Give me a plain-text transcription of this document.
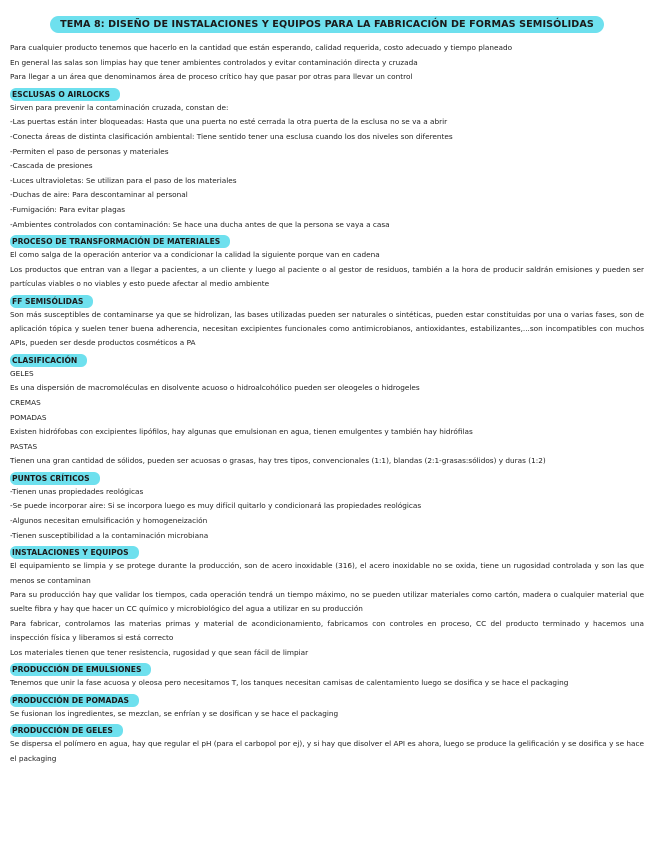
TEMA 8: DISEÑO DE INSTALACIONES Y EQUIPOS PARA LA FABRICACIÓN DE FORMAS SEMISÓLIDAS

Para cualquier producto tenemos que hacerlo en la cantidad que están esperando, calidad requerida, costo adecuado y tiempo planeado

En general las salas son limpias hay que tener ambientes controlados y evitar contaminación directa y cruzada

Para llegar a un área que denominamos área de proceso crítico hay que pasar por otras para llevar un control

ESCLUSAS O AIRLOCKS

Sirven para prevenir la contaminación cruzada, constan de:

-Las puertas están inter bloqueadas: Hasta que una puerta no esté cerrada la otra puerta de la esclusa no se va a abrir

-Conecta áreas de distinta clasificación ambiental: Tiene sentido tener una esclusa cuando los dos niveles son diferentes

-Permiten el paso de personas y materiales

-Cascada de presiones

-Luces ultravioletas: Se utilizan para el paso de los materiales

-Duchas de aire: Para descontaminar al personal

-Fumigación: Para evitar plagas

-Ambientes controlados con contaminación: Se hace una ducha antes de que la persona se vaya a casa

PROCESO DE TRANSFORMACIÓN DE MATERIALES

El como salga de la operación anterior va a condicionar la calidad la siguiente porque van en cadena

Los productos que entran van a llegar a pacientes, a un cliente y luego al paciente o al gestor de residuos, también a la hora de producir saldrán emisiones y pueden ser partículas viables o no viables y esto puede afectar al medio ambiente

FF SEMISÓLIDAS

Son más susceptibles de contaminarse ya que se hidrolizan, las bases utilizadas pueden ser naturales o sintéticas, pueden estar constituidas por una o varias fases, son de aplicación tópica y suelen tener buena adherencia, necesitan excipientes funcionales como antimicrobianos, antioxidantes, estabilizantes,...son incompatibles con muchos APIs, pueden ser desde productos cosméticos a PA

CLASIFICACIÓN

GELES

Es una dispersión de macromoléculas en disolvente acuoso o hidroalcohólico pueden ser oleogeles o hidrogeles

CREMAS

POMADAS

Existen hidrófobas con excipientes lipófilos, hay algunas que emulsionan en agua, tienen emulgentes y también hay hidrófilas

PASTAS

Tienen una gran cantidad de sólidos, pueden ser acuosas o grasas, hay tres tipos, convencionales (1:1), blandas (2:1-grasas:sólidos) y duras (1:2)

PUNTOS CRÍTICOS

-Tienen unas propiedades reológicas

-Se puede incorporar aire: Si se incorpora luego es muy difícil quitarlo y condicionará las propiedades reológicas

-Algunos necesitan emulsificación y homogeneización

-Tienen susceptibilidad a la contaminación microbiana

INSTALACIONES Y EQUIPOS

El equipamiento se limpia y se protege durante la producción, son de acero inoxidable (316), el acero inoxidable no se oxida, tiene un rugosidad controlada y son las que menos se contaminan

Para su producción hay que validar los tiempos, cada operación tendrá un tiempo máximo, no se pueden utilizar materiales como cartón, madera o cualquier material que suelte fibra y hay que hacer un CC químico y microbiológico del agua a utilizar en su producción

Para fabricar, controlamos las materias primas y material de acondicionamiento, fabricamos con controles en proceso, CC del producto terminado y hacemos una inspección física y liberamos si está correcto

Los materiales tienen que tener resistencia, rugosidad y que sean fácil de limpiar

PRODUCCIÓN DE EMULSIONES

Tenemos que unir la fase acuosa y oleosa pero necesitamos T, los tanques necesitan camisas de calentamiento luego se dosifica y se hace el packaging

PRODUCCIÓN DE POMADAS

Se fusionan los ingredientes, se mezclan, se enfrían y se dosifican y se hace el packaging

PRODUCCIÓN DE GELES

Se dispersa el polímero en agua, hay que regular el pH (para el carbopol por ej), y si hay que disolver el API es ahora, luego se produce la gelificación y se dosifica y se hace el packaging
